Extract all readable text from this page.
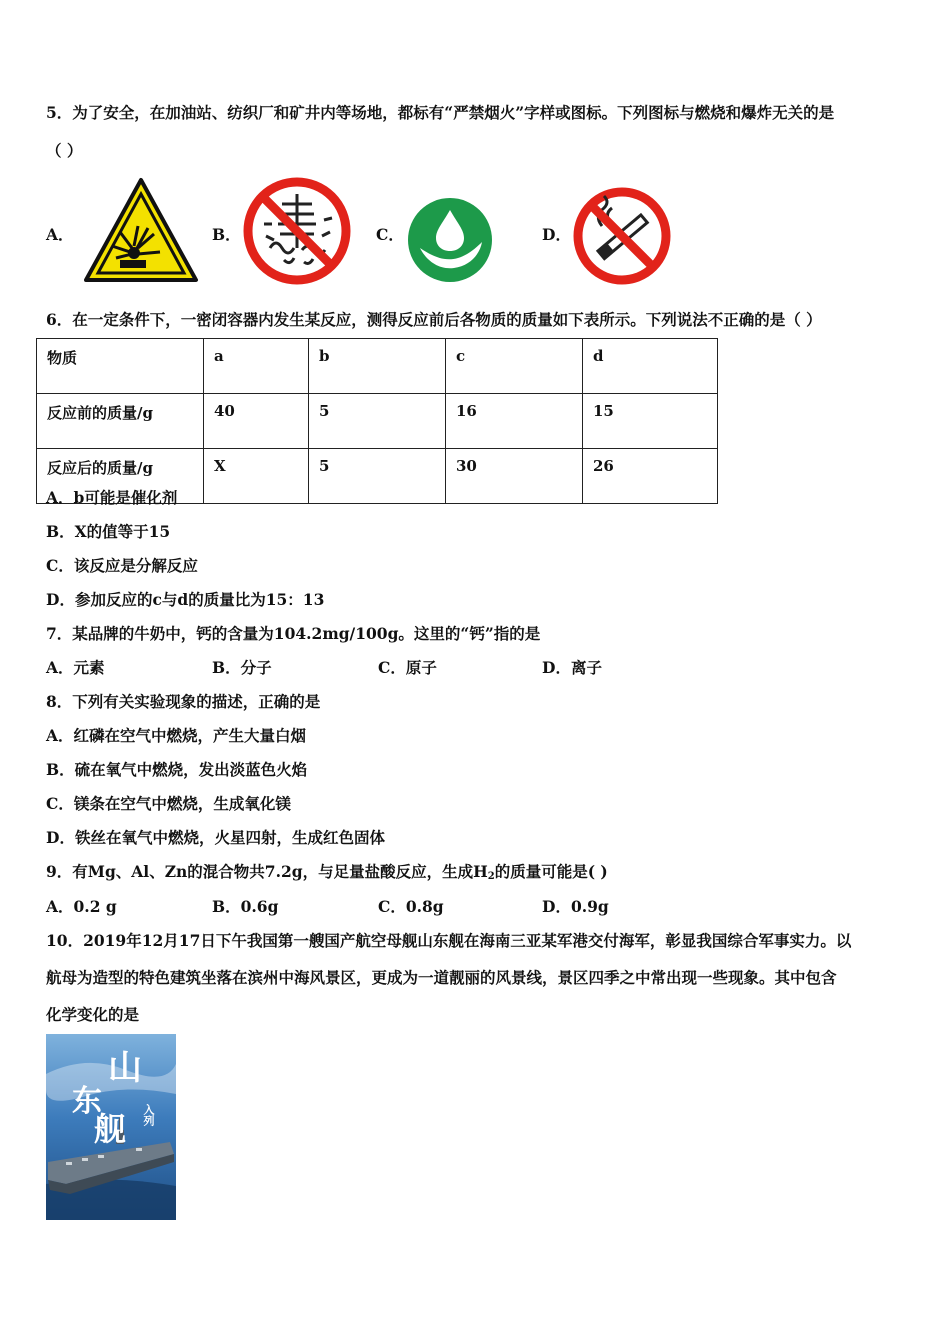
5．为了安全，在加油站、纺织厂和矿井内等场地，都标有“严禁烟火”字样或图标。下列图标与燃烧和爆炸无关的是
（ ）
A．	B．	C．	D．
6．在一定条件下，一密闭容器内发生某反应，测得反应前后各物质的质量如下表所示。下列说法不正确的是（ ）
物质	a	b	c	d
反应前的质量/g	40	5	16	15
反应后的质量/g	X	5	30	26
A．b可能是催化剂
B．X的值等于15
C．该反应是分解反应
D．参加反应的c与d的质量比为15：13
7．某品牌的牛奶中，钙的含量为104.2mg/100g。这里的“钙”指的是
A．元素	B．分子	C．原子	D．离子
8．下列有关实验现象的描述，正确的是
A．红磷在空气中燃烧，产生大量白烟
B．硫在氧气中燃烧，发出淡蓝色火焰
C．镁条在空气中燃烧，生成氧化镁
D．铁丝在氧气中燃烧，火星四射，生成红色固体
9．有Mg、Al、Zn的混合物共7.2g，与足量盐酸反应，生成$H_2$的质量可能是( )
A．0.2 g	B．0.6g	C．0.8g	D．0.9g
10．2019年12月17日下午我国第一艘国产航空母舰山东舰在海南三亚某军港交付海军，彰显我国综合军事实力。以
航母为造型的特色建筑坐落在滨州中海风景区，更成为一道靓丽的风景线，景区四季之中常出现一些现象。其中包含
化学变化的是
山
东
舰 入列
